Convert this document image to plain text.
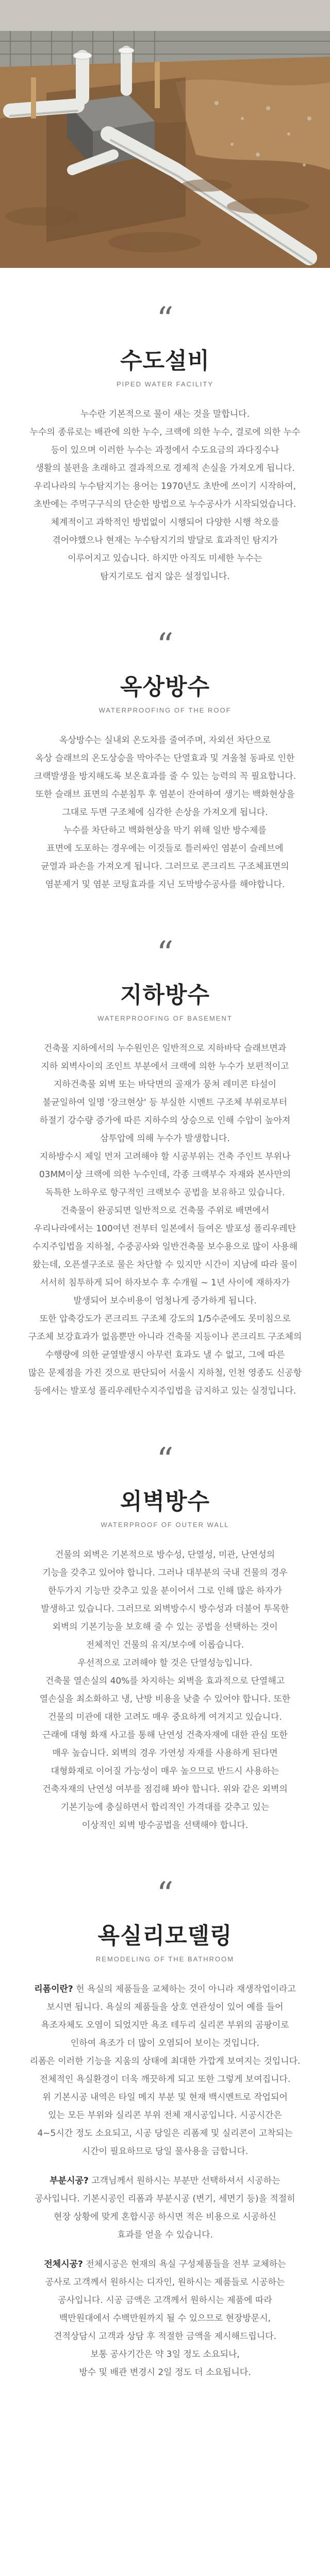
“
수도설비
PIPED WATER FACILITY

누수란 기본적으로 물이 새는 것을 말합니다.

누수의 종류로는 배관에 의한 누수, 크랙에 의한 누수, 결로에 의한 누수

등이 있으며 이러한 누수는 과정에서 수도요금의 과다징수나

생활의 불편을 초래하고 결과적으로 경제적 손실을 가져오게 됩니다.

우리나라의 누수탐지기는 용어는 1970년도 초반에 쓰이기 시작하여,

초반에는 주먹구구식의 단순한 방법으로 누수공사가 시작되었습니다.

체계적이고 과학적인 방법없이 시행되어 다양한 시행 착오를

겪어야했으나 현재는 누수탐지기의 발달로 효과적인 탐지가

이루어지고 있습니다. 하지만 아직도 미세한 누수는

탐지기로도 쉽지 않은 설정입니다.

“
옥상방수
WATERPROOFING OF THE ROOF

옥상방수는 실내외 온도차를 줄여주며, 자외선 차단으로

옥상 슬래브의 온도상승을 막아주는 단열효과 및 겨울철 동파로 인한

크랙발생을 방지해도록 보온효과를 줄 수 있는 능력의 꼭 필요합니다.

또한 슬래브 표면의 수분침투 후 염분이 잔여하여 생기는 백화현상을

그대로 두면 구조체에 심각한 손상을 가져오게 됩니다.

누수를 차단하고 백화현상을 막기 위해 일반 방수제를

표면에 도포하는 경우에는 이것들로 틀러싸인 염분이 슬레브에

균열과 파손을 가져오게 됩니다. 그러므로 콘크리트 구조체표면의

염분제거 및 염분 코팅효과를 지닌 도막방수공사를 해야합니다.

“
지하방수
WATERPROOFING OF BASEMENT

건축물 지하에서의 누수원인은 일반적으로 지하바닥 슬래브면과

지하 외벽사이의 조인트 부분에서 크랙에 의한 누수가 보편적이고

지하건축물 외벽 또는 바닥면의 골재가 뭉쳐 레미콘 타설이

불균일하여 일명 '장크현상' 등 부실한 시멘트 구조체 부위로부터

하절기 강수량 증가에 따른 지하수의 상승으로 인해 수압이 높아져

삼투압에 의해 누수가 발생합니다.

지하방수시 제일 먼저 고려해야 할 시공부위는 건축 주인트 부위나

03MM이상 크랙에 의한 누수인데, 각종 크랙부수 자재와 본사만의

독특한 노하우로 항구적인 크랙보수 공법을 보유하고 있습니다.

건축물이 완공되면 일반적으로 건축물 주위로 배면에서

우리나라에서는 100여년 전부터 일본에서 들여온 발포성 폴리우레탄

수지주입법을 지하철, 수중공사와 일반건축물 보수용으로 많이 사용해

왔는데, 오픈셀구조로 물은 차단할 수 있지만 시간이 지남에 따라 물이

서서히 침투하게 되어 하자보수 후 수개월 ~ 1년 사이에 재하자가

발생되어 보수비용이 엄청나게 증가하게 됩니다.

또한 압축강도가 콘크리트 구조체 강도의 1/5수준에도 못미침으로

구조체 보강효과가 없음뿐만 아니라 건축물 지등이나 콘크리트 구조체의

수행량에 의한 균열발생시 아무런 효과도 낼 수 없고, 그에 따른

많은 문제점을 가진 것으로 판단되어 서울시 지하철, 인천 영종도 신공항

등에서는 발포성 폴리우레탄수지주입법을 금지하고 있는 실정입니다.

“
외벽방수
WATERPROOF OF OUTER WALL

건물의 외벽은 기본적으로 방수성, 단열성, 미관, 난연성의

기능을 갖추고 있어야 합니다. 그러나 대부분의 국내 건물의 경우

한두가지 기능만 갖추고 있을 분이어서 그로 인해 많은 하자가

발생하고 있습니다. 그러므로 외벽방수시 방수성과 더불어 투목한

외벽의 기본기능을 보호해 줄 수 있는 공법을 선택하는 것이

전체적인 건물의 유지/보수에 이롭습니다.

우선적으로 고려해야 할 것은 단열성능입니다.

건축물 열손실의 40%를 차지하는 외벽을 효과적으로 단열해고

열손실을 최소화하고 냉, 난방 비용을 낮출 수 있어야 합니다. 또한

건물의 미관에 대한 고려도 매우 중요하게 여겨지고 있습니다.

근래에 대형 화재 사고를 통해 난연성 건축자재에 대한 관심 또한

매우 높습니다. 외벽의 경우 가연성 자재를 사용하게 된다면

대형화재로 이어질 가능성이 매우 높으므로 반드시 사용하는

건축자재의 난연성 여부를 점검해 봐야 합니다. 위와 같은 외벽의

기본기능에 충실하면서 합리적인 가격대를 갖추고 있는

이상적인 외벽 방수공법을 선택해야 합니다.

“
욕실리모델링
REMODELING OF THE BATHROOM

리폼이란? 헌 욕실의 제품들을 교체하는 것이 아니라 재생작업이라고

보시면 됩니다. 욕실의 제품들을 상호 연관성이 있어 예를 들어

욕조자체도 오염이 되었지만 욕조 테두리 실리콘 부위의 곰팡이로

인하여 욕조가 더 많이 오염되어 보이는 것입니다.

리폼은 이러한 기능을 지움의 상태에 최대한 가깝게 보여지는 것입니다.

전체적인 욕실환경이 더욱 깨끗하게 되고 또한 그렇게 보여집니다.

위 기본시공 내역은 타일 메지 부분 및 현재 백시멘트로 작업되어

있는 모든 부위와 실리콘 부위 전체 재시공입니다. 시공시간은

4~5시간 정도 소요되고, 시공 당일은 리폼제 및 실리콘이 고착되는

시간이 필요하므로 당일 물사용을 금합니다.

부분시공? 고객님께서 원하시는 부분만 선택하셔서 시공하는

공사입니다. 기본시공인 리폼과 부분시공 (변기, 세면기 등)을 적절히

현장 상황에 맞게 혼합시공 하시면 적은 비용으로 시공하신

효과를 얻을 수 있습니다.

전체시공? 전체시공은 현재의 욕실 구성제품들을 전부 교체하는

공사로 고객께서 원하시는 디자인, 원하시는 제품들로 시공하는

공사입니다. 시공 금액은 고객께서 원하시는 제품에 따라

백만원대에서 수백만원까지 될 수 있으므로 현장방문시,

견적상담시 고객과 상담 후 적절한 금액을 제시해드립니다.

보통 공사기간은 약 3일 정도 소요되나,

방수 및 배관 변경시 2일 정도 더 소요됩니다.
